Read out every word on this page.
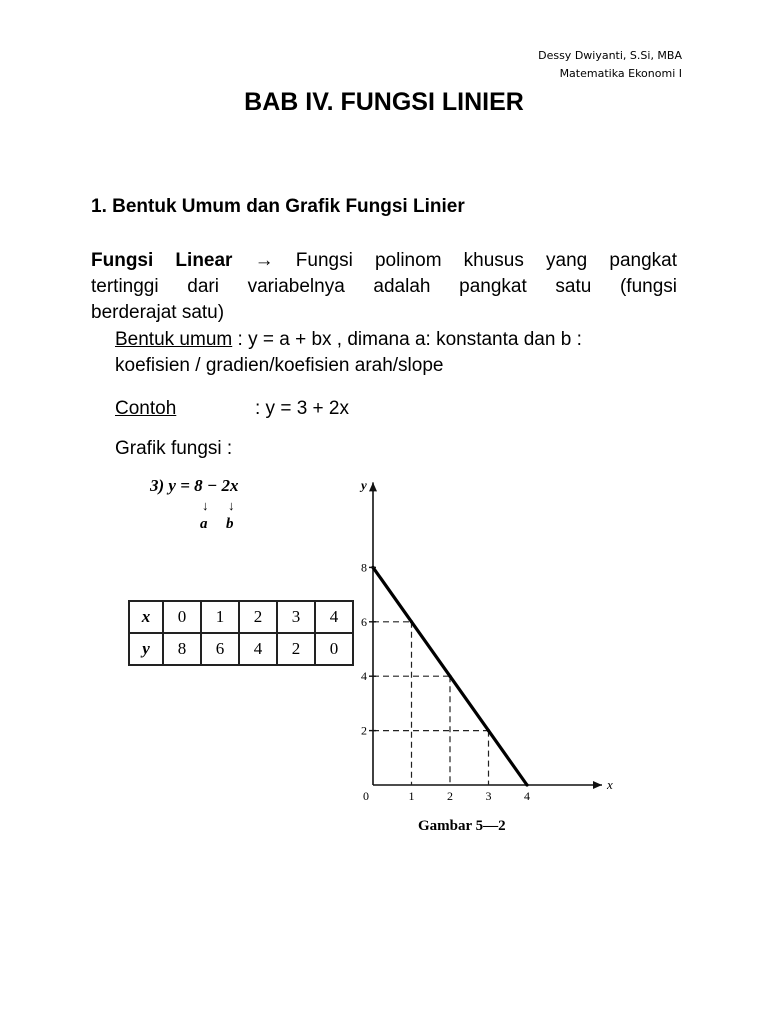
Dessy Dwiyanti, S.Si, MBA
Matematika Ekonomi I
BAB IV. FUNGSI LINIER
1. Bentuk Umum dan Grafik Fungsi Linier
Fungsi Linear → Fungsi polinom khusus yang pangkat
tertinggi dari variabelnya adalah pangkat satu (fungsi
berderajat satu)
Bentuk umum : y = a + bx , dimana a: konstanta dan b :
koefisien / gradien/koefisien arah/slope
Contoh	: y = 3 + 2x
Grafik fungsi :
3) y = 8 − 2x
a b
↓ ↓
x	0	1	2	3	4
y	8	6	4	2	0
x
y
0	1	2	3	4
2
4
6
8
Gambar 5—2
